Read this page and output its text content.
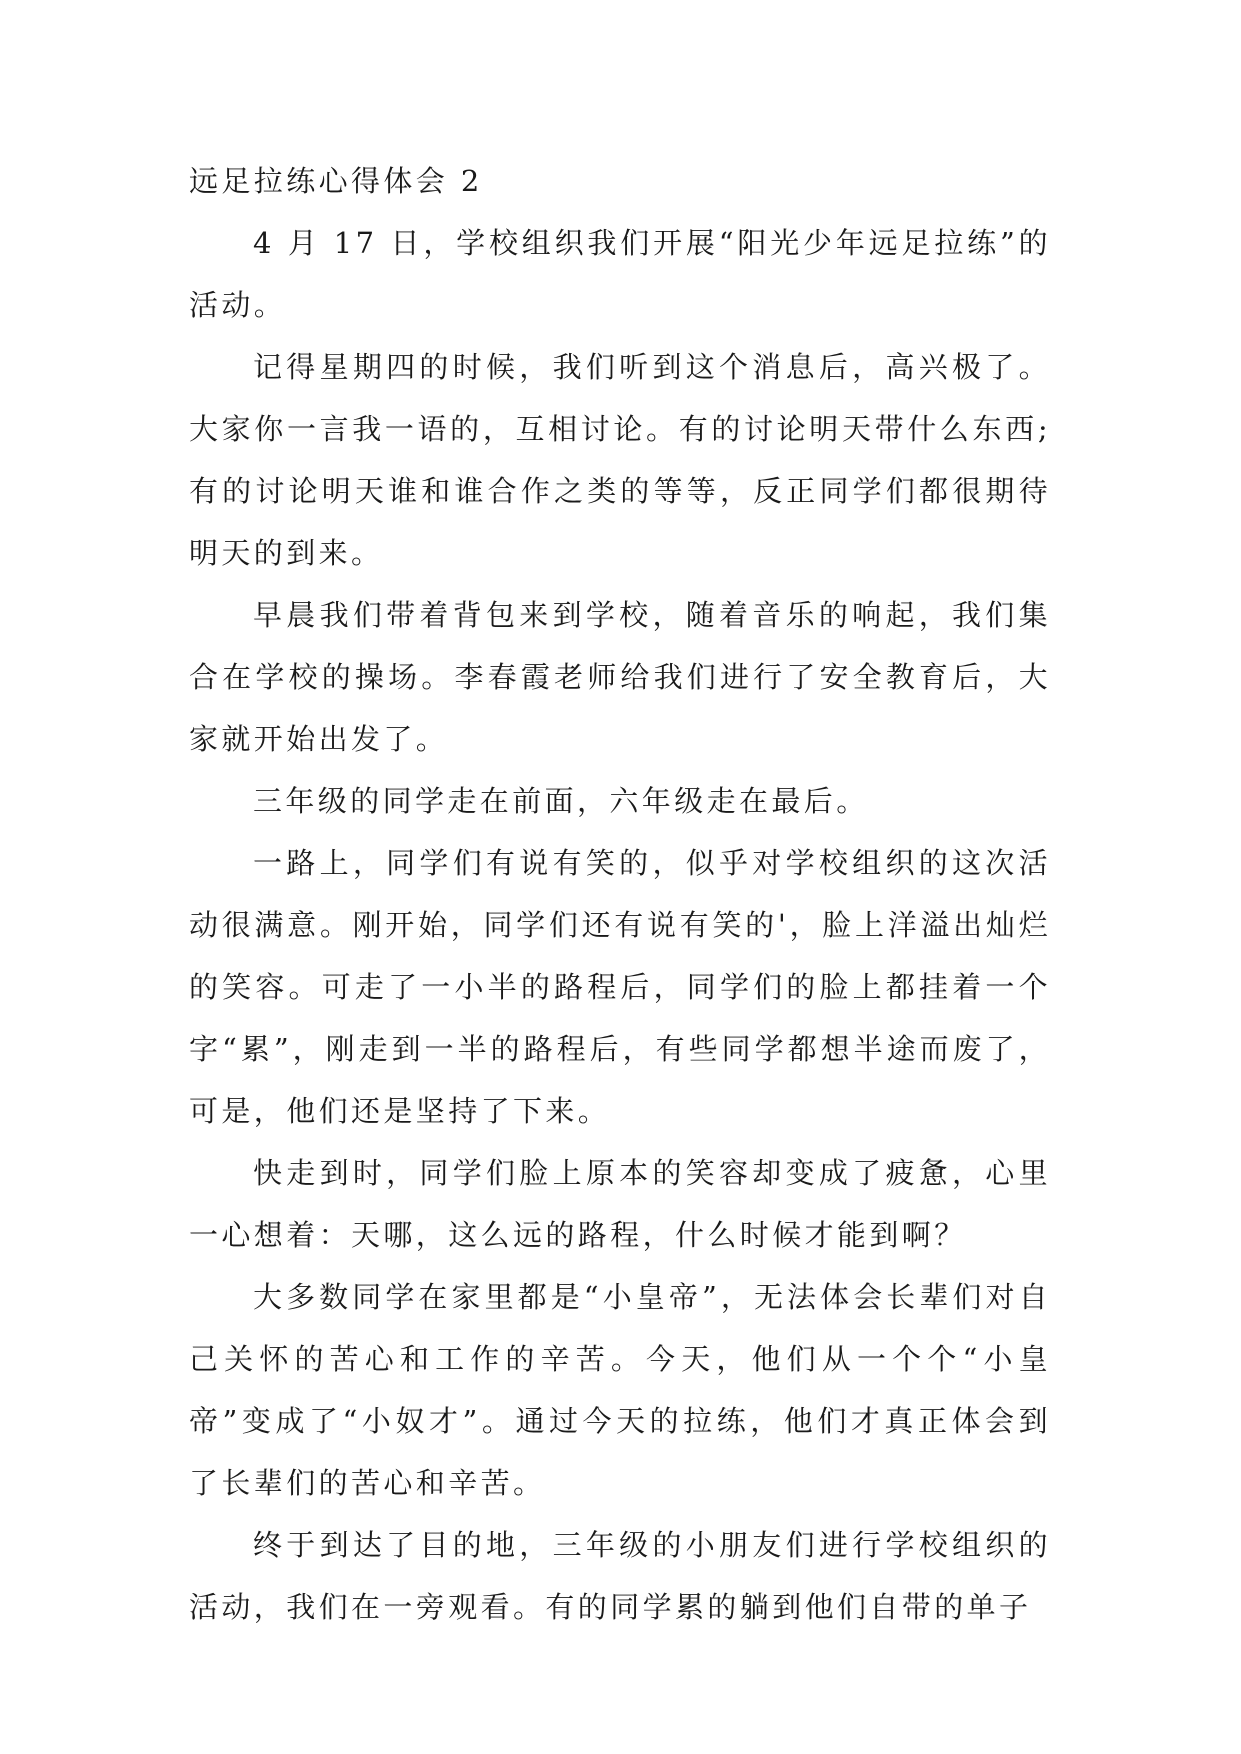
远足拉练心得体会 2

4 月 17 日，学校组织我们开展“阳光少年远足拉练”的活动。

记得星期四的时候，我们听到这个消息后，高兴极了。大家你一言我一语的，互相讨论。有的讨论明天带什么东西;有的讨论明天谁和谁合作之类的等等，反正同学们都很期待明天的到来。

早晨我们带着背包来到学校，随着音乐的响起，我们集合在学校的操场。李春霞老师给我们进行了安全教育后，大家就开始出发了。

三年级的同学走在前面，六年级走在最后。

一路上，同学们有说有笑的，似乎对学校组织的这次活动很满意。刚开始，同学们还有说有笑的'，脸上洋溢出灿烂的笑容。可走了一小半的路程后，同学们的脸上都挂着一个字“累”，刚走到一半的路程后，有些同学都想半途而废了，可是，他们还是坚持了下来。

快走到时，同学们脸上原本的笑容却变成了疲惫，心里一心想着：天哪，这么远的路程，什么时候才能到啊？

大多数同学在家里都是“小皇帝”，无法体会长辈们对自己关怀的苦心和工作的辛苦。今天，他们从一个个“小皇帝”变成了“小奴才”。通过今天的拉练，他们才真正体会到了长辈们的苦心和辛苦。

终于到达了目的地，三年级的小朋友们进行学校组织的活动，我们在一旁观看。有的同学累的躺到他们自带的单子
